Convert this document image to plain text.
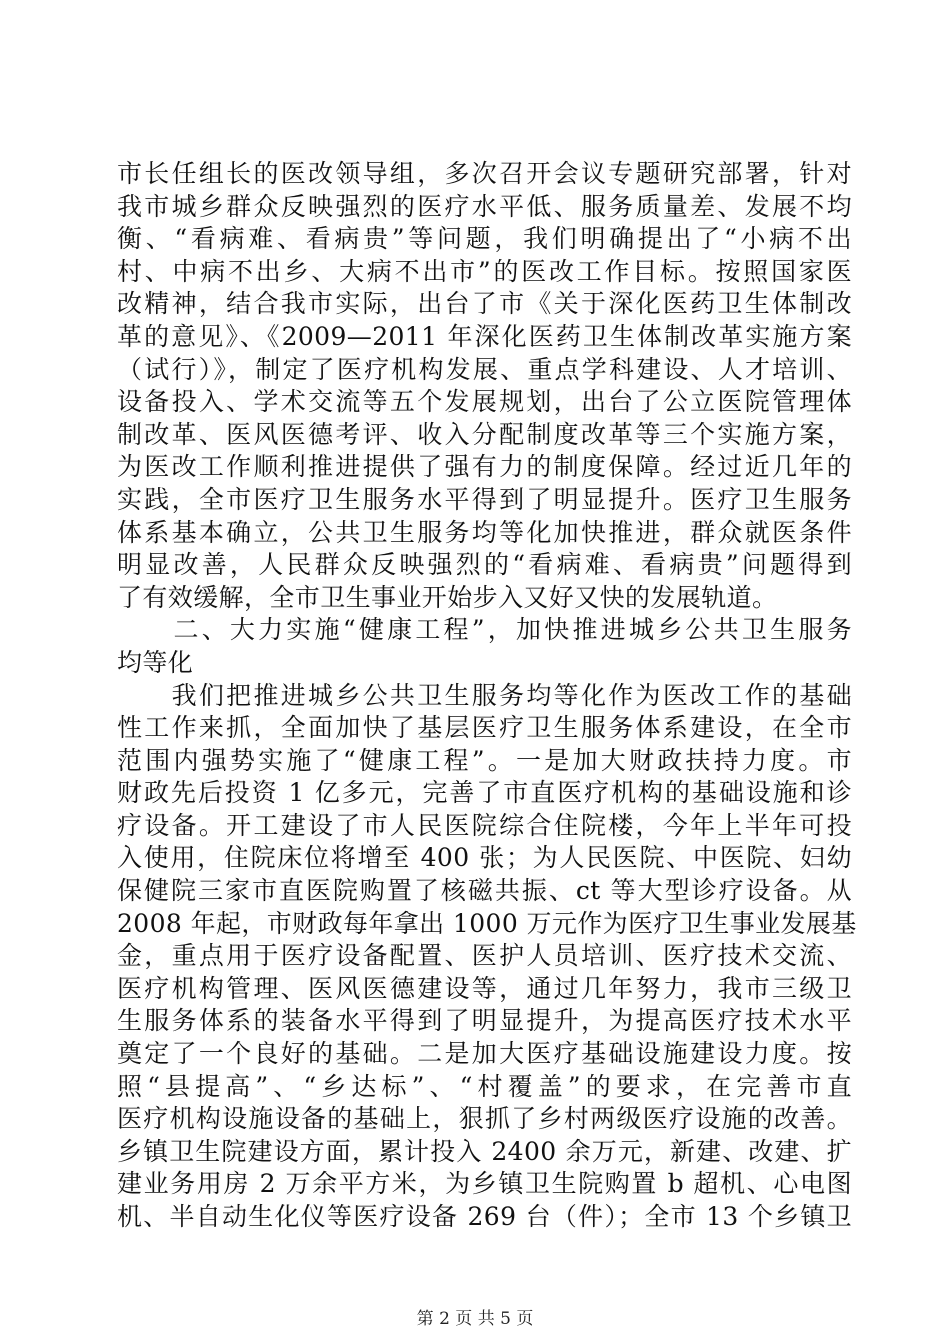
市长任组长的医改领导组，多次召开会议专题研究部署，针对
我市城乡群众反映强烈的医疗水平低、服务质量差、发展不均
衡、“看病难、看病贵”等问题，我们明确提出了“小病不出
村、中病不出乡、大病不出市”的医改工作目标。按照国家医
改精神，结合我市实际，出台了市《关于深化医药卫生体制改
革的意见》、《2009—2011 年深化医药卫生体制改革实施方案
（试行）》，制定了医疗机构发展、重点学科建设、人才培训、
设备投入、学术交流等五个发展规划，出台了公立医院管理体
制改革、医风医德考评、收入分配制度改革等三个实施方案，
为医改工作顺利推进提供了强有力的制度保障。经过近几年的
实践，全市医疗卫生服务水平得到了明显提升。医疗卫生服务
体系基本确立，公共卫生服务均等化加快推进，群众就医条件
明显改善，人民群众反映强烈的“看病难、看病贵”问题得到
了有效缓解，全市卫生事业开始步入又好又快的发展轨道。
　　二、大力实施“健康工程”，加快推进城乡公共卫生服务
均等化
　　我们把推进城乡公共卫生服务均等化作为医改工作的基础
性工作来抓，全面加快了基层医疗卫生服务体系建设，在全市
范围内强势实施了“健康工程”。一是加大财政扶持力度。市
财政先后投资 1 亿多元，完善了市直医疗机构的基础设施和诊
疗设备。开工建设了市人民医院综合住院楼，今年上半年可投
入使用，住院床位将增至 400 张；为人民医院、中医院、妇幼
保健院三家市直医院购置了核磁共振、ct 等大型诊疗设备。从
2008 年起，市财政每年拿出 1000 万元作为医疗卫生事业发展基
金，重点用于医疗设备配置、医护人员培训、医疗技术交流、
医疗机构管理、医风医德建设等，通过几年努力，我市三级卫
生服务体系的装备水平得到了明显提升，为提高医疗技术水平
奠定了一个良好的基础。二是加大医疗基础设施建设力度。按
照“县提高”、“乡达标”、“村覆盖”的要求，在完善市直
医疗机构设施设备的基础上，狠抓了乡村两级医疗设施的改善。
乡镇卫生院建设方面，累计投入 2400 余万元，新建、改建、扩
建业务用房 2 万余平方米，为乡镇卫生院购置 b 超机、心电图
机、半自动生化仪等医疗设备 269 台（件）；全市 13 个乡镇卫
第 2 页 共 5 页
